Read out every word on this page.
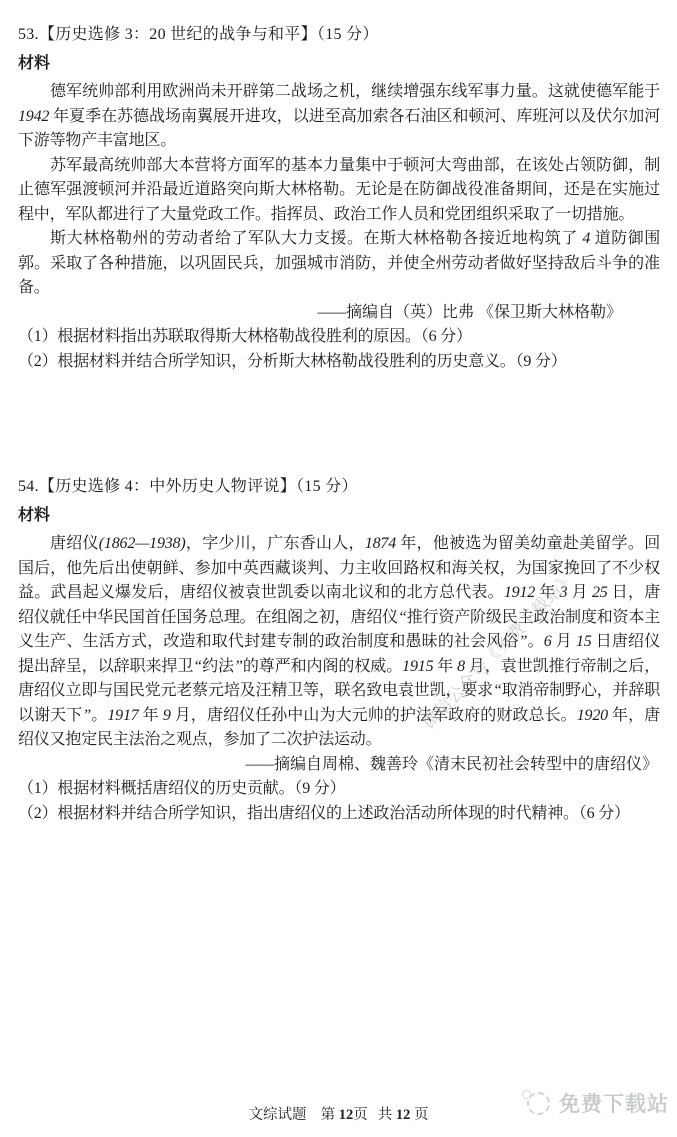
53.【历史选修 3：20 世纪的战争与和平】（15 分）
材料

德军统帅部利用欧洲尚未开辟第二战场之机，继续增强东线军事力量。这就使德军能于 1942 年夏季在苏德战场南翼展开进攻，以进至高加索各石油区和顿河、库班河以及伏尔加河下游等物产丰富地区。

苏军最高统帅部大本营将方面军的基本力量集中于顿河大弯曲部，在该处占领防御，制止德军强渡顿河并沿最近道路突向斯大林格勒。无论是在防御战役准备期间，还是在实施过程中，军队都进行了大量党政工作。指挥员、政治工作人员和党团组织采取了一切措施。

斯大林格勒州的劳动者给了军队大力支援。在斯大林格勒各接近地构筑了 4 道防御围郭。采取了各种措施，以巩固民兵，加强城市消防，并使全州劳动者做好坚持敌后斗争的准备。

——摘编自（英）比弗 《保卫斯大林格勒》

（1）根据材料指出苏联取得斯大林格勒战役胜利的原因。（6 分）

（2）根据材料并结合所学知识，分析斯大林格勒战役胜利的历史意义。（9 分）

54.【历史选修 4：中外历史人物评说】（15 分）
材料

唐绍仪(1862—1938)，字少川，广东香山人，1874 年，他被选为留美幼童赴美留学。回国后，他先后出使朝鲜、参加中英西藏谈判、力主收回路权和海关权，为国家挽回了不少权益。武昌起义爆发后，唐绍仪被袁世凯委以南北议和的北方总代表。1912 年 3 月 25 日，唐绍仪就任中华民国首任国务总理。在组阁之初，唐绍仪“推行资产阶级民主政治制度和资本主义生产、生活方式，改造和取代封建专制的政治制度和愚昧的社会风俗”。6 月 15 日唐绍仪提出辞呈，以辞职来捍卫“约法”的尊严和内阁的权威。1915 年 8 月，袁世凯推行帝制之后，唐绍仪立即与国民党元老蔡元培及汪精卫等，联名致电袁世凯，要求“取消帝制野心，并辞职以谢天下”。1917 年 9 月，唐绍仪任孙中山为大元帅的护法军政府的财政总长。1920 年，唐绍仪又抱定民主法治之观点，参加了二次护法运动。

——摘编自周棉、魏善玲《清末民初社会转型中的唐绍仪》

（1）根据材料概括唐绍仪的历史贡献。（9 分）

（2）根据材料并结合所学知识，指出唐绍仪的上述政治活动所体现的时代精神。（6 分）

微信公众号《免费下载站》
文综试题 第 12页 共 12 页	免费下载站
